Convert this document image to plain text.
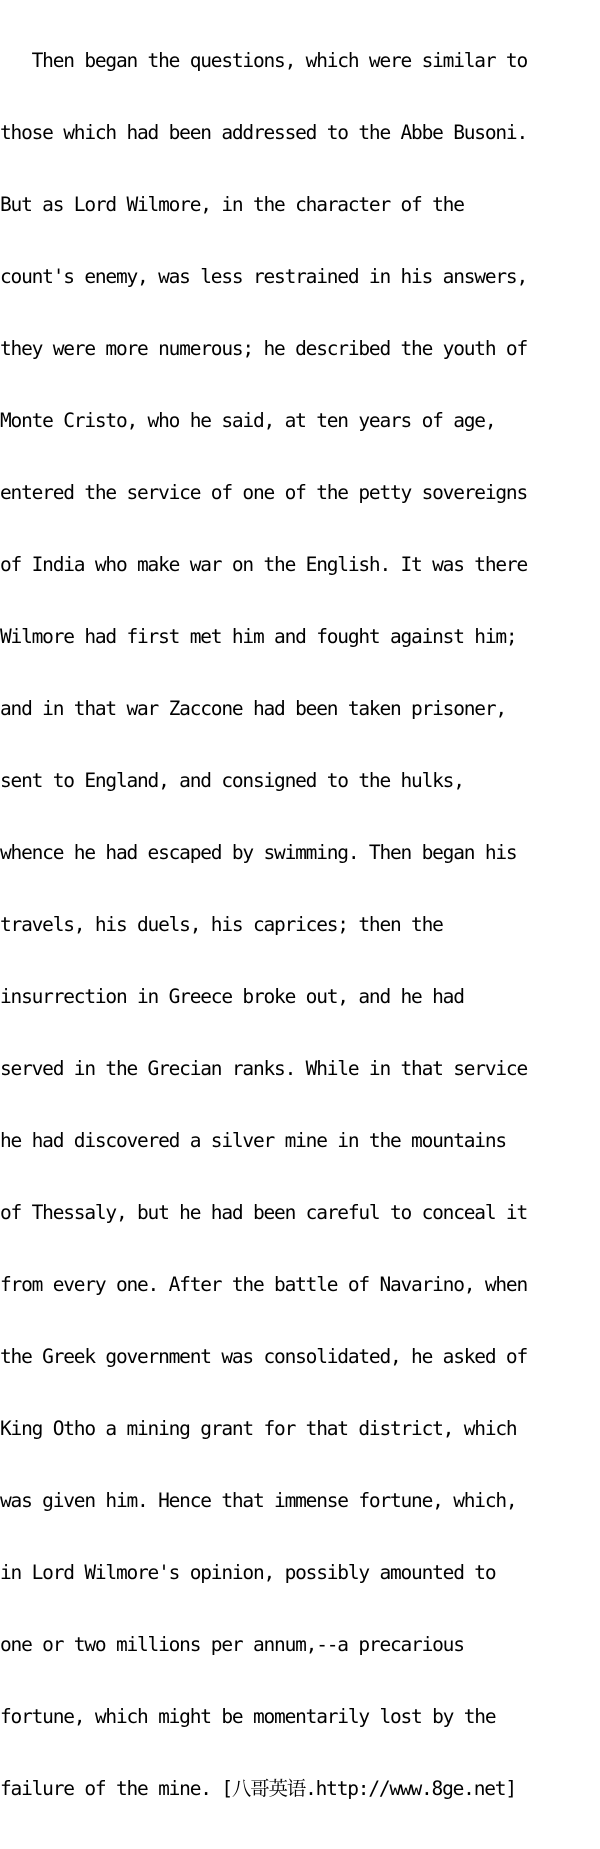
Then began the questions, which were similar to

those which had been addressed to the Abbe Busoni.

But as Lord Wilmore, in the character of the

count's enemy, was less restrained in his answers,

they were more numerous; he described the youth of

Monte Cristo, who he said, at ten years of age,

entered the service of one of the petty sovereigns

of India who make war on the English. It was there

Wilmore had first met him and fought against him;

and in that war Zaccone had been taken prisoner,

sent to England, and consigned to the hulks,

whence he had escaped by swimming. Then began his

travels, his duels, his caprices; then the

insurrection in Greece broke out, and he had

served in the Grecian ranks. While in that service

he had discovered a silver mine in the mountains

of Thessaly, but he had been careful to conceal it

from every one. After the battle of Navarino, when

the Greek government was consolidated, he asked of

King Otho a mining grant for that district, which

was given him. Hence that immense fortune, which,

in Lord Wilmore's opinion, possibly amounted to

one or two millions per annum,--a precarious

fortune, which might be momentarily lost by the

failure of the mine. [八哥英语.http://www.8ge.net]
